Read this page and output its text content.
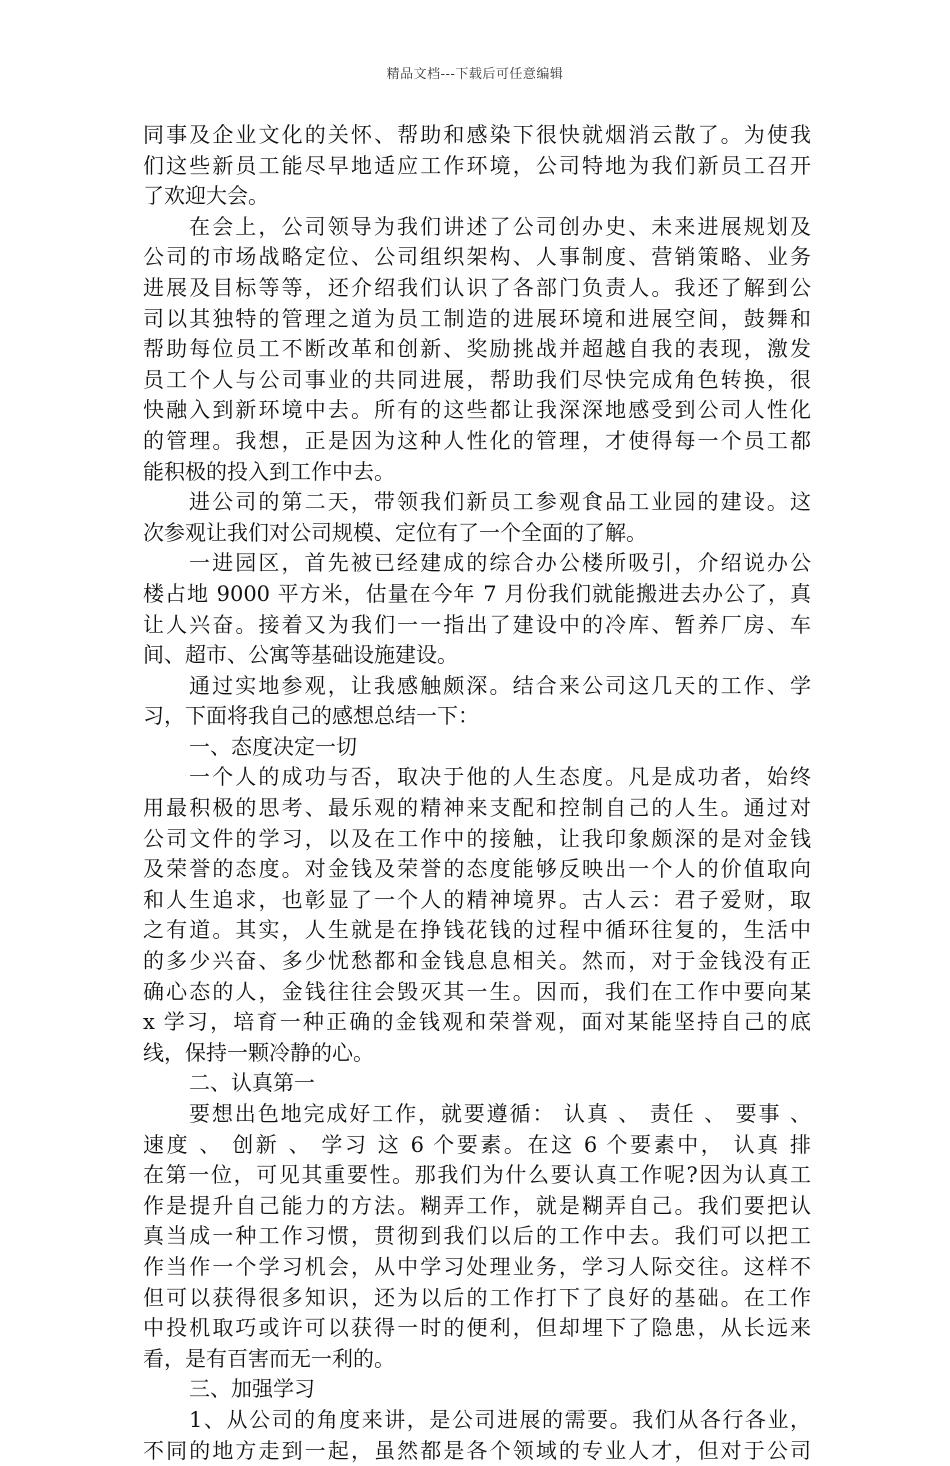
精品文档---下载后可任意编辑
同事及企业文化的关怀、帮助和感染下很快就烟消云散了。为使我
们这些新员工能尽早地适应工作环境，公司特地为我们新员工召开
了欢迎大会。
在会上，公司领导为我们讲述了公司创办史、未来进展规划及
公司的市场战略定位、公司组织架构、人事制度、营销策略、业务
进展及目标等等，还介绍我们认识了各部门负责人。我还了解到公
司以其独特的管理之道为员工制造的进展环境和进展空间，鼓舞和
帮助每位员工不断改革和创新、奖励挑战并超越自我的表现，激发
员工个人与公司事业的共同进展，帮助我们尽快完成角色转换，很
快融入到新环境中去。所有的这些都让我深深地感受到公司人性化
的管理。我想，正是因为这种人性化的管理，才使得每一个员工都
能积极的投入到工作中去。
进公司的第二天，带领我们新员工参观食品工业园的建设。这
次参观让我们对公司规模、定位有了一个全面的了解。
一进园区，首先被已经建成的综合办公楼所吸引，介绍说办公
楼占地 9000 平方米，估量在今年 7 月份我们就能搬进去办公了，真
让人兴奋。接着又为我们一一指出了建设中的冷库、暂养厂房、车
间、超市、公寓等基础设施建设。
通过实地参观，让我感触颇深。结合来公司这几天的工作、学
习，下面将我自己的感想总结一下：
一、态度决定一切
一个人的成功与否，取决于他的人生态度。凡是成功者，始终
用最积极的思考、最乐观的精神来支配和控制自己的人生。通过对
公司文件的学习，以及在工作中的接触，让我印象颇深的是对金钱
及荣誉的态度。对金钱及荣誉的态度能够反映出一个人的价值取向
和人生追求，也彰显了一个人的精神境界。古人云：君子爱财，取
之有道。其实，人生就是在挣钱花钱的过程中循环往复的，生活中
的多少兴奋、多少忧愁都和金钱息息相关。然而，对于金钱没有正
确心态的人，金钱往往会毁灭其一生。因而，我们在工作中要向某
x 学习，培育一种正确的金钱观和荣誉观，面对某能坚持自己的底
线，保持一颗冷静的心。
二、认真第一
要想出色地完成好工作，就要遵循： 认真 、 责任 、 要事 、
速度 、 创新 、 学习 这 6 个要素。在这 6 个要素中， 认真 排
在第一位，可见其重要性。那我们为什么要认真工作呢?因为认真工
作是提升自己能力的方法。糊弄工作，就是糊弄自己。我们要把认
真当成一种工作习惯，贯彻到我们以后的工作中去。我们可以把工
作当作一个学习机会，从中学习处理业务，学习人际交往。这样不
但可以获得很多知识，还为以后的工作打下了良好的基础。在工作
中投机取巧或许可以获得一时的便利，但却埋下了隐患，从长远来
看，是有百害而无一利的。
三、加强学习
1、从公司的角度来讲，是公司进展的需要。我们从各行各业，
不同的地方走到一起，虽然都是各个领域的专业人才，但对于公司
